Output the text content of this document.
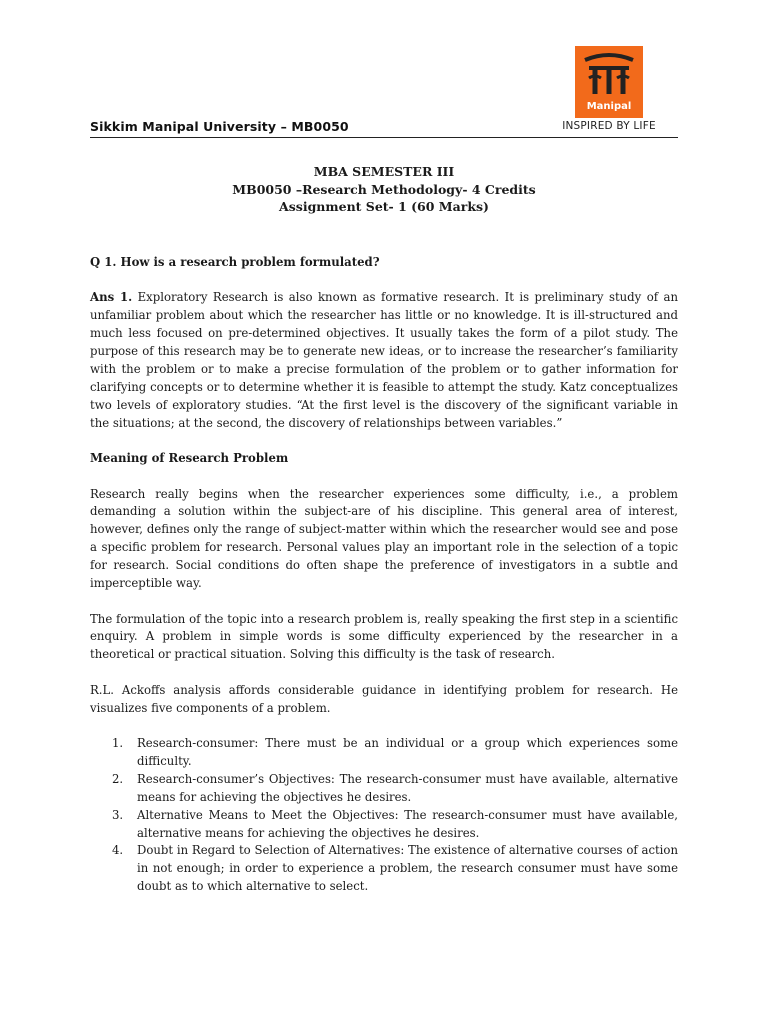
Manipal
INSPIRED BY LIFE
Sikkim Manipal University – MB0050
MBA SEMESTER III
MB0050 –Research Methodology- 4 Credits
Assignment Set- 1 (60 Marks)

Q 1. How is a research problem formulated?

Ans 1. Exploratory Research is also known as formative research. It is preliminary study of an unfamiliar problem about which the researcher has little or no knowledge. It is ill-structured and much less focused on pre-determined objectives. It usually takes the form of a pilot study. The purpose of this research may be to generate new ideas, or to increase the researcher’s familiarity with the problem or to make a precise formulation of the problem or to gather information for clarifying concepts or to determine whether it is feasible to attempt the study. Katz conceptualizes two levels of exploratory studies. “At the first level is the discovery of the significant variable in the situations; at the second, the discovery of relationships between variables.”

Meaning of Research Problem

Research really begins when the researcher experiences some difficulty, i.e., a problem demanding a solution within the subject-are of his discipline. This general area of interest, however, defines only the range of subject-matter within which the researcher would see and pose a specific problem for research. Personal values play an important role in the selection of a topic for research. Social conditions do often shape the preference of investigators in a subtle and imperceptible way.

The formulation of the topic into a research problem is, really speaking the first step in a scientific enquiry. A problem in simple words is some difficulty experienced by the researcher in a theoretical or practical situation. Solving this difficulty is the task of research.

R.L. Ackoffs analysis affords considerable guidance in identifying problem for research. He visualizes five components of a problem.

1. Research-consumer: There must be an individual or a group which experiences some difficulty.
2. Research-consumer’s Objectives: The research-consumer must have available, alternative means for achieving the objectives he desires.
3. Alternative Means to Meet the Objectives: The research-consumer must have available, alternative means for achieving the objectives he desires.
4. Doubt in Regard to Selection of Alternatives: The existence of alternative courses of action in not enough; in order to experience a problem, the research consumer must have some doubt as to which alternative to select.
